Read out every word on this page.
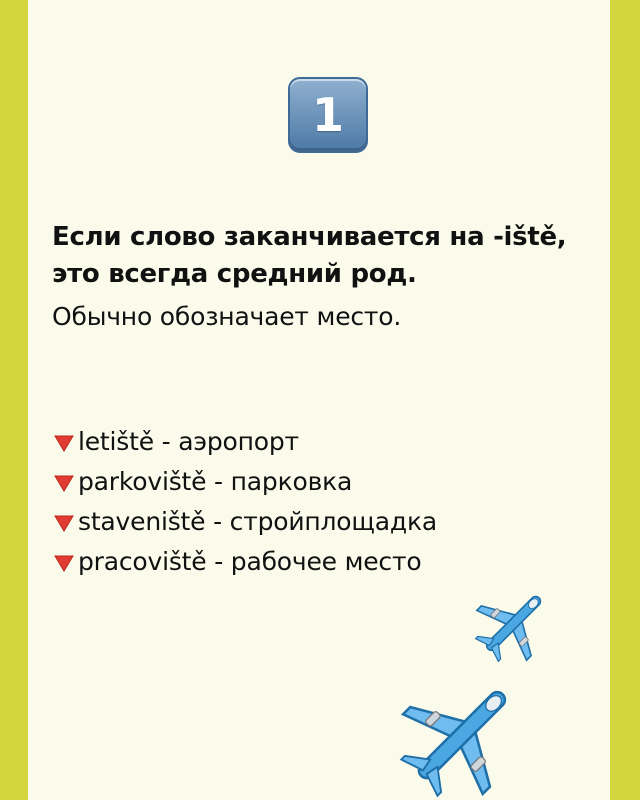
1
Если слово заканчивается на -iště,
это всегда средний род.
Обычно обозначает место.
letiště - аэропорт
parkoviště - парковка
staveniště - стройплощадка
pracoviště - рабочее место
